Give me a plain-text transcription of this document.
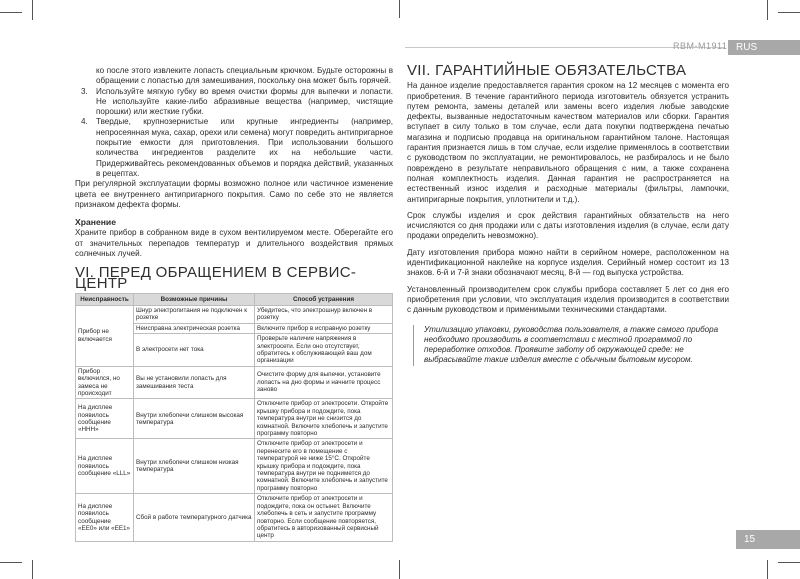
RBM-M1911 RUS

ко после этого извлеките лопасть специальным крючком. Будьте осторожны в обращении с лопастью для замешивания, поскольку она может быть горячей.

3. Используйте мягкую губку во время очистки формы для выпечки и лопасти. Не используйте какие-либо абразивные вещества (например, чистящие порошки) или жесткие губки.
4. Твердые, крупнозернистые или крупные ингредиенты (например, непросеянная мука, сахар, орехи или семена) могут повредить антипригарное покрытие емкости для приготовления. При использовании большого количества ингредиентов разделите их на небольшие части. Придерживайтесь рекомендованных объемов и порядка действий, указанных в рецептах.

При регулярной эксплуатации формы возможно полное или частичное изменение цвета ее внутреннего антипригарного покрытия. Само по себе это не является признаком дефекта формы.

Хранение

Храните прибор в собранном виде в сухом вентилируемом месте. Оберегайте его от значительных перепадов температур и длительного воздействия прямых солнечных лучей.

VI. ПЕРЕД ОБРАЩЕНИЕМ В СЕРВИС-ЦЕНТР
Неисправность	Возможные причины	Способ устранения
Прибор не включается	Шнур электропитания не подключен к розетке	Убедитесь, что электрошнур включен в розетку
	Неисправна электрическая розетка	Включите прибор в исправную розетку
	В электросети нет тока	Проверьте наличие напряжения в электросети. Если оно отсутствует, обратитесь к обслуживающей ваш дом организации
Прибор включился, но замеса не происходит	Вы не установили лопасть для замешивания теста	Очистите форму для выпечки, установите лопасть на дно формы и начните процесс заново
На дисплее появилось сообщение «HHH»	Внутри хлебопечи слишком высокая температура	Отключите прибор от электросети. Откройте крышку прибора и подождите, пока температура внутри не снизится до комнатной. Включите хлебопечь и запустите программу повторно
На дисплее появилось сообщение «LLL»	Внутри хлебопечи слишком низкая температура	Отключите прибор от электросети и перенесите его в помещение с температурой не ниже 15°С. Откройте крышку прибора и подождите, пока температура внутри не поднимется до комнатной. Включите хлебопечь и запустите программу повторно
На дисплее появилось сообщение «EE0» или «EE1»	Сбой в работе температурного датчика	Отключите прибор от электросети и подождите, пока он остынет. Включите хлебопечь в сеть и запустите программу повторно. Если сообщение повторяется, обратитесь в авторизованный сервисный центр
VII. ГАРАНТИЙНЫЕ ОБЯЗАТЕЛЬСТВА

На данное изделие предоставляется гарантия сроком на 12 месяцев с момента его приобретения. В течение гарантийного периода изготовитель обязуется устранить путем ремонта, замены деталей или замены всего изделия любые заводские дефекты, вызванные недостаточным качеством материалов или сборки. Гарантия вступает в силу только в том случае, если дата покупки подтверждена печатью магазина и подписью продавца на оригинальном гарантийном талоне. Настоящая гарантия признается лишь в том случае, если изделие применялось в соответствии с руководством по эксплуатации, не ремонтировалось, не разбиралось и не было повреждено в результате неправильного обращения с ним, а также сохранена полная комплектность изделия. Данная гарантия не распространяется на естественный износ изделия и расходные материалы (фильтры, лампочки, антипригарные покрытия, уплотнители и т.д.).

Срок службы изделия и срок действия гарантийных обязательств на него исчисляются со дня продажи или с даты изготовления изделия (в случае, если дату продажи определить невозможно).

Дату изготовления прибора можно найти в серийном номере, расположенном на идентификационной наклейке на корпусе изделия. Серийный номер состоит из 13 знаков. 6-й и 7-й знаки обозначают месяц, 8-й — год выпуска устройства.

Установленный производителем срок службы прибора составляет 5 лет со дня его приобретения при условии, что эксплуатация изделия производится в соответствии с данным руководством и применимыми техническими стандартами.

Утилизацию упаковки, руководства пользователя, а также самого прибора необходимо производить в соответствии с местной программой по переработке отходов. Проявите заботу об окружающей среде: не выбрасывайте такие изделия вместе с обычным бытовым мусором.
15
